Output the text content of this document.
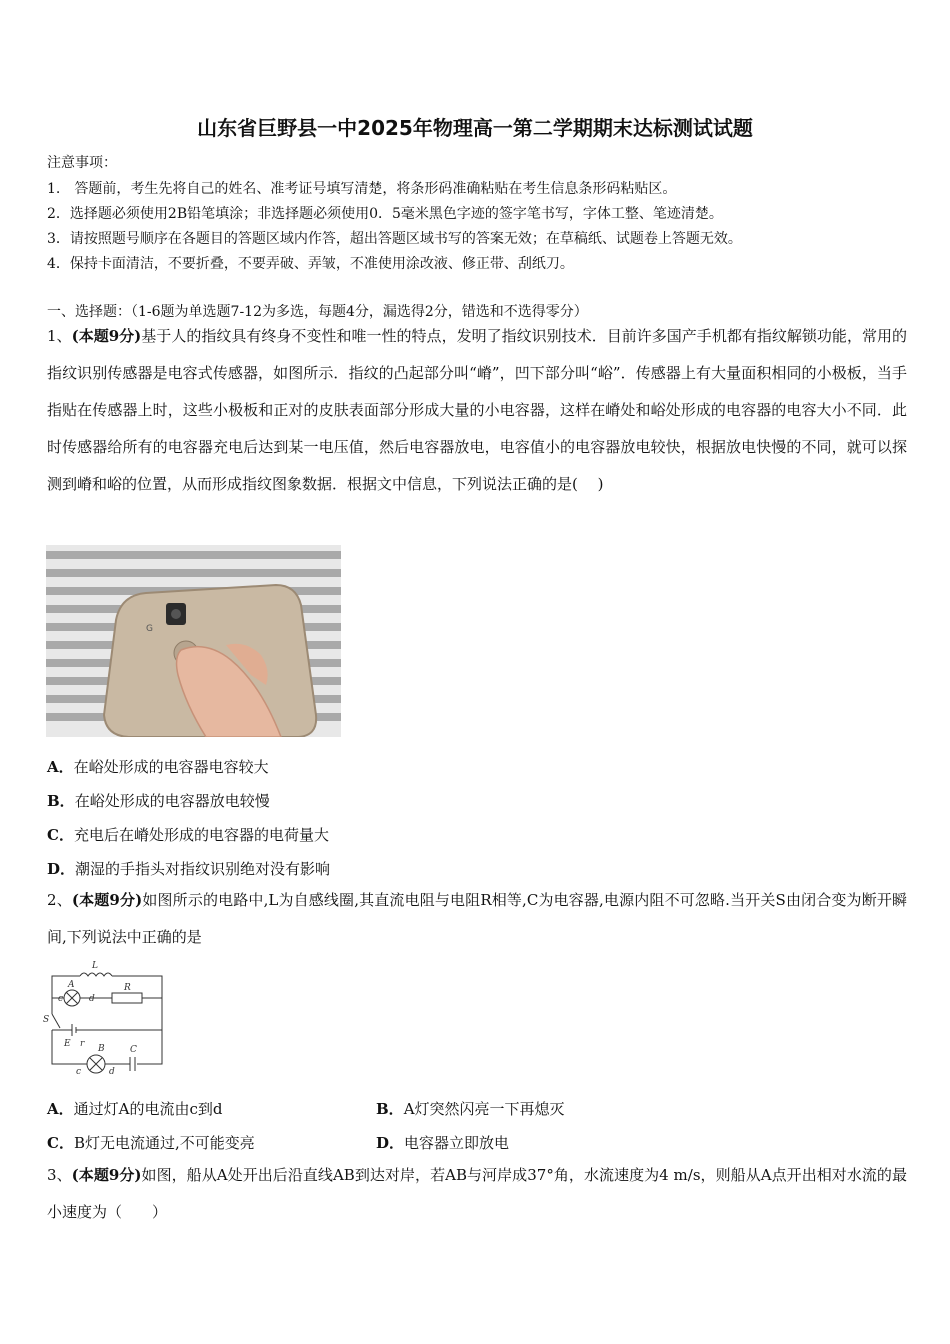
山东省巨野县一中2025年物理高一第二学期期末达标测试试题
注意事项：
1.　答题前，考生先将自己的姓名、准考证号填写清楚，将条形码准确粘贴在考生信息条形码粘贴区。
2．选择题必须使用2B铅笔填涂；非选择题必须使用0．5毫米黑色字迹的签字笔书写，字体工整、笔迹清楚。
3．请按照题号顺序在各题目的答题区域内作答，超出答题区域书写的答案无效；在草稿纸、试题卷上答题无效。
4．保持卡面清洁，不要折叠，不要弄破、弄皱，不准使用涂改液、修正带、刮纸刀。
一、选择题：（1-6题为单选题7-12为多选，每题4分，漏选得2分，错选和不选得零分）
1、(本题9分)基于人的指纹具有终身不变性和唯一性的特点，发明了指纹识别技术．目前许多国产手机都有指纹解锁功能，常用的指纹识别传感器是电容式传感器，如图所示．指纹的凸起部分叫“嵴”，凹下部分叫“峪”．传感器上有大量面积相同的小极板，当手指贴在传感器上时，这些小极板和正对的皮肤表面部分形成大量的小电容器，这样在嵴处和峪处形成的电容器的电容大小不同．此时传感器给所有的电容器充电后达到某一电压值，然后电容器放电，电容值小的电容器放电较快，根据放电快慢的不同，就可以探测到嵴和峪的位置，从而形成指纹图象数据．根据文中信息，下列说法正确的是(　 )
G
A．在峪处形成的电容器电容较大
B．在峪处形成的电容器放电较慢
C．充电后在嵴处形成的电容器的电荷量大
D．潮湿的手指头对指纹识别绝对没有影响
2、(本题9分)如图所示的电路中,L为自感线圈,其直流电阻与电阻R相等,C为电容器,电源内阻不可忽略.当开关S由闭合变为断开瞬间,下列说法中正确的是
L
A
c	d
R
S
E r B	C
c	d
A．通过灯A的电流由c到d	B．A灯突然闪亮一下再熄灭
C．B灯无电流通过,不可能变亮	D．电容器立即放电
3、(本题9分)如图，船从A处开出后沿直线AB到达对岸，若AB与河岸成37°角，水流速度为4 m/s，则船从A点开出相对水流的最小速度为（　　）
